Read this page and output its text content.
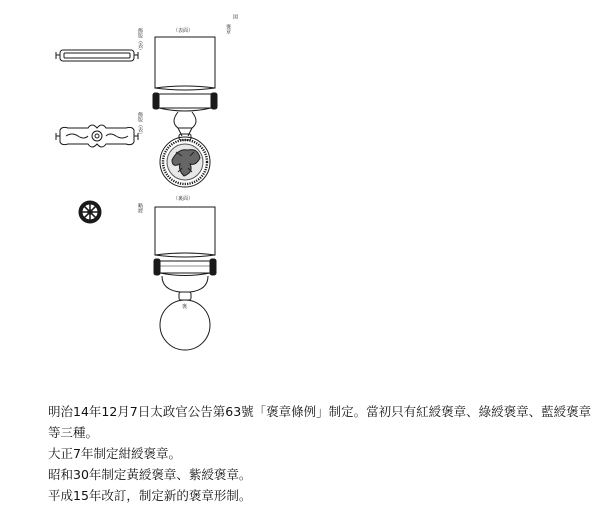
図
褒章
（表面）
（裏面）
飾版（表）
飾版（表）
略綬
褒

明治14年12月7日太政官公告第63號「褒章條例」制定。當初只有紅綬褒章、綠綬褒章、藍綬褒章等三種。

大正7年制定紺綬褒章。

昭和30年制定黃綬褒章、紫綬褒章。

平成15年改訂，制定新的褒章形制。
